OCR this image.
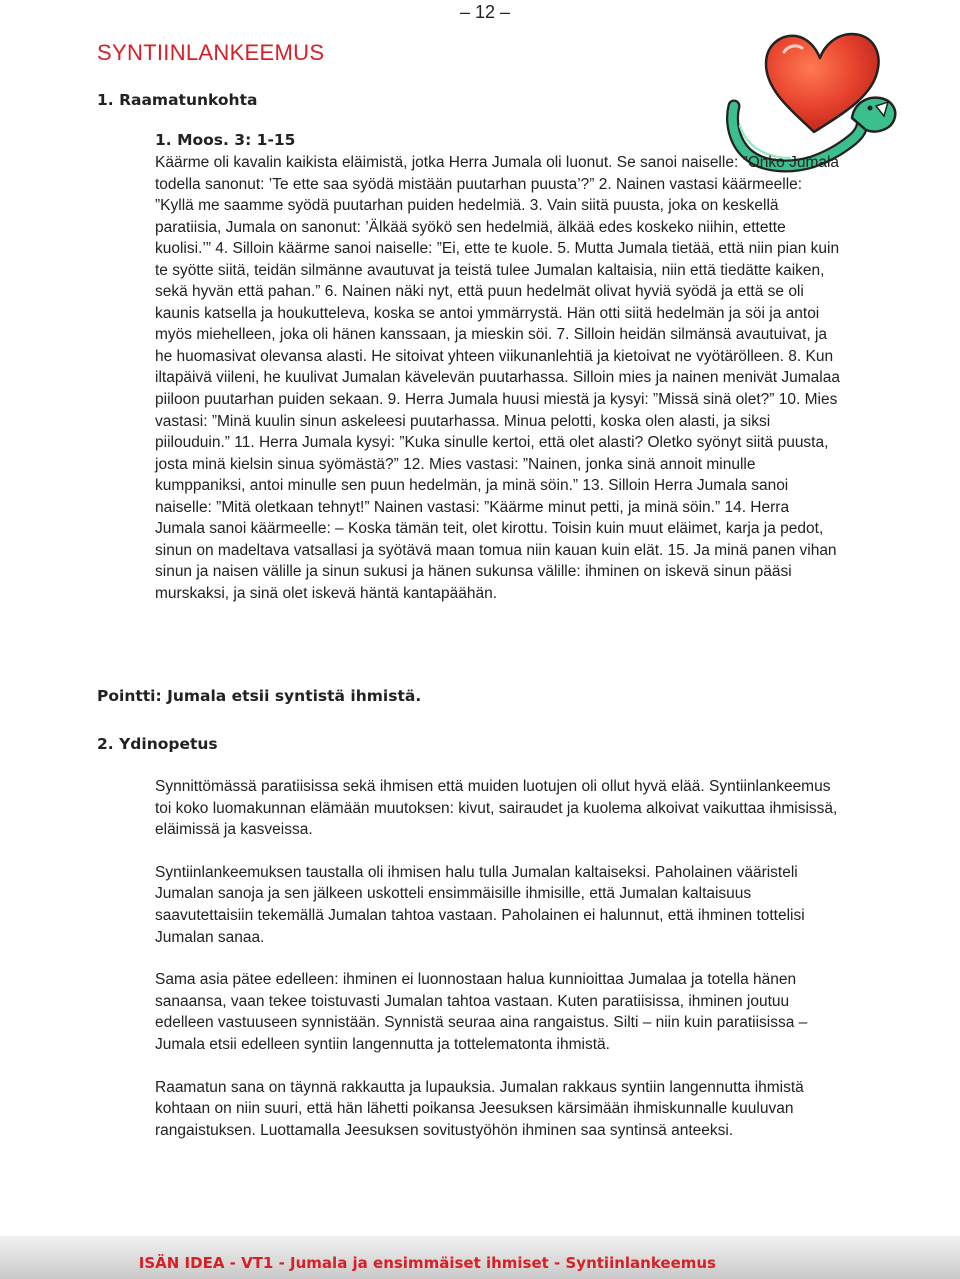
– 12 –
SYNTIINLANKEEMUS
1. Raamatunkohta
1. Moos. 3: 1-15

Käärme oli kavalin kaikista eläimistä, jotka Herra Jumala oli luonut. Se sanoi naiselle: ”Onko Jumala todella sanonut: ’Te ette saa syödä mistään puutarhan puusta’?” 2. Nainen vastasi käärmeelle: ”Kyllä me saamme syödä puutarhan puiden hedelmiä. 3. Vain siitä puusta, joka on keskellä paratiisia, Jumala on sanonut: ’Älkää syökö sen hedelmiä, älkää edes koskeko niihin, ettette kuolisi.’” 4. Silloin käärme sanoi naiselle: ”Ei, ette te kuole. 5. Mutta Jumala tietää, että niin pian kuin te syötte siitä, teidän silmänne avautuvat ja teistä tulee Jumalan kaltaisia, niin että tiedätte kaiken, sekä hyvän että pahan.” 6. Nainen näki nyt, että puun hedelmät olivat hyviä syödä ja että se oli kaunis katsella ja houkutteleva, koska se antoi ymmärrystä. Hän otti siitä hedelmän ja söi ja antoi myös miehelleen, joka oli hänen kanssaan, ja mieskin söi. 7. Silloin heidän silmänsä avautuivat, ja he huomasivat olevansa alasti. He sitoivat yhteen viikunanlehtiä ja kietoivat ne vyötärölleen. 8. Kun iltapäivä viileni, he kuulivat Jumalan kävelevän puutarhassa. Silloin mies ja nainen menivät Jumalaa piiloon puutarhan puiden sekaan. 9. Herra Jumala huusi miestä ja kysyi: ”Missä sinä olet?” 10. Mies vastasi: ”Minä kuulin sinun askeleesi puutarhassa. Minua pelotti, koska olen alasti, ja siksi piilouduin.” 11. Herra Jumala kysyi: ”Kuka sinulle kertoi, että olet alasti? Oletko syönyt siitä puusta, josta minä kielsin sinua syömästä?” 12. Mies vastasi: ”Nainen, jonka sinä annoit minulle kumppaniksi, antoi minulle sen puun hedelmän, ja minä söin.” 13. Silloin Herra Jumala sanoi naiselle: ”Mitä oletkaan tehnyt!” Nainen vastasi: ”Käärme minut petti, ja minä söin.” 14. Herra Jumala sanoi käärmeelle: – Koska tämän teit, olet kirottu. Toisin kuin muut eläimet, karja ja pedot, sinun on madeltava vatsallasi ja syötävä maan tomua niin kauan kuin elät. 15. Ja minä panen vihan sinun ja naisen välille ja sinun sukusi ja hänen sukunsa välille: ihminen on iskevä sinun pääsi murskaksi, ja sinä olet iskevä häntä kantapäähän.

Pointti: Jumala etsii syntistä ihmistä.
2. Ydinopetus

Synnittömässä paratiisissa sekä ihmisen että muiden luotujen oli ollut hyvä elää. Syntiinlankeemus toi koko luomakunnan elämään muutoksen: kivut, sairaudet ja kuolema alkoivat vaikuttaa ihmisissä, eläimissä ja kasveissa.

Syntiinlankeemuksen taustalla oli ihmisen halu tulla Jumalan kaltaiseksi. Paholainen vääristeli Jumalan sanoja ja sen jälkeen uskotteli ensimmäisille ihmisille, että Jumalan kaltaisuus saavutettaisiin tekemällä Jumalan tahtoa vastaan. Paholainen ei halunnut, että ihminen tottelisi Jumalan sanaa.

Sama asia pätee edelleen: ihminen ei luonnostaan halua kunnioittaa Jumalaa ja totella hänen sanaansa, vaan tekee toistuvasti Jumalan tahtoa vastaan. Kuten paratiisissa, ihminen joutuu edelleen vastuuseen synnistään. Synnistä seuraa aina rangaistus. Silti – niin kuin paratiisissa – Jumala etsii edelleen syntiin langennutta ja tottelematonta ihmistä.

Raamatun sana on täynnä rakkautta ja lupauksia. Jumalan rakkaus syntiin langennutta ihmistä kohtaan on niin suuri, että hän lähetti poikansa Jeesuksen kärsimään ihmiskunnalle kuuluvan rangaistuksen. Luottamalla Jeesuksen sovitustyöhön ihminen saa syntinsä anteeksi.

ISÄN IDEA - VT1 - Jumala ja ensimmäiset ihmiset - Syntiinlankeemus
